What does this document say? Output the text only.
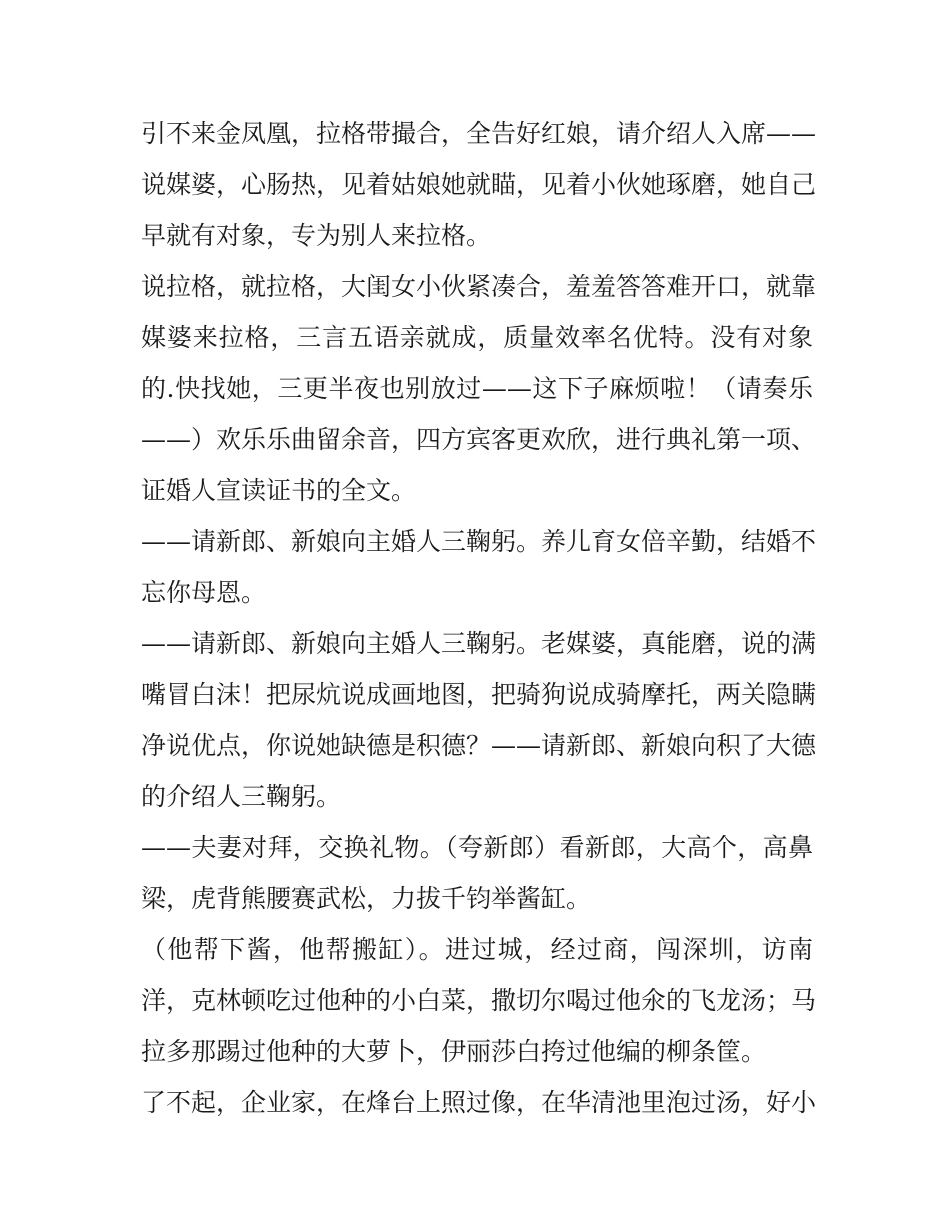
引不来金凤凰，拉格带撮合，全告好红娘，请介绍人入席——
说媒婆，心肠热，见着姑娘她就瞄，见着小伙她琢磨，她自己
早就有对象，专为别人来拉格。
说拉格，就拉格，大闺女小伙紧凑合，羞羞答答难开口，就靠
媒婆来拉格，三言五语亲就成，质量效率名优特。没有对象
的.快找她，三更半夜也别放过——这下子麻烦啦！（请奏乐
——）欢乐乐曲留余音，四方宾客更欢欣，进行典礼第一项、
证婚人宣读证书的全文。
——请新郎、新娘向主婚人三鞠躬。养儿育女倍辛勤，结婚不
忘你母恩。
——请新郎、新娘向主婚人三鞠躬。老媒婆，真能磨，说的满
嘴冒白沫！把尿炕说成画地图，把骑狗说成骑摩托，两关隐瞒
净说优点，你说她缺德是积德？——请新郎、新娘向积了大德
的介绍人三鞠躬。
——夫妻对拜，交换礼物。（夸新郎）看新郎，大高个，高鼻
梁，虎背熊腰赛武松，力拔千钧举酱缸。
（他帮下酱，他帮搬缸）。进过城，经过商，闯深圳，访南
洋，克林顿吃过他种的小白菜，撒切尔喝过他氽的飞龙汤；马
拉多那踢过他种的大萝卜，伊丽莎白挎过他编的柳条筐。
了不起，企业家，在烽台上照过像，在华清池里泡过汤，好小
